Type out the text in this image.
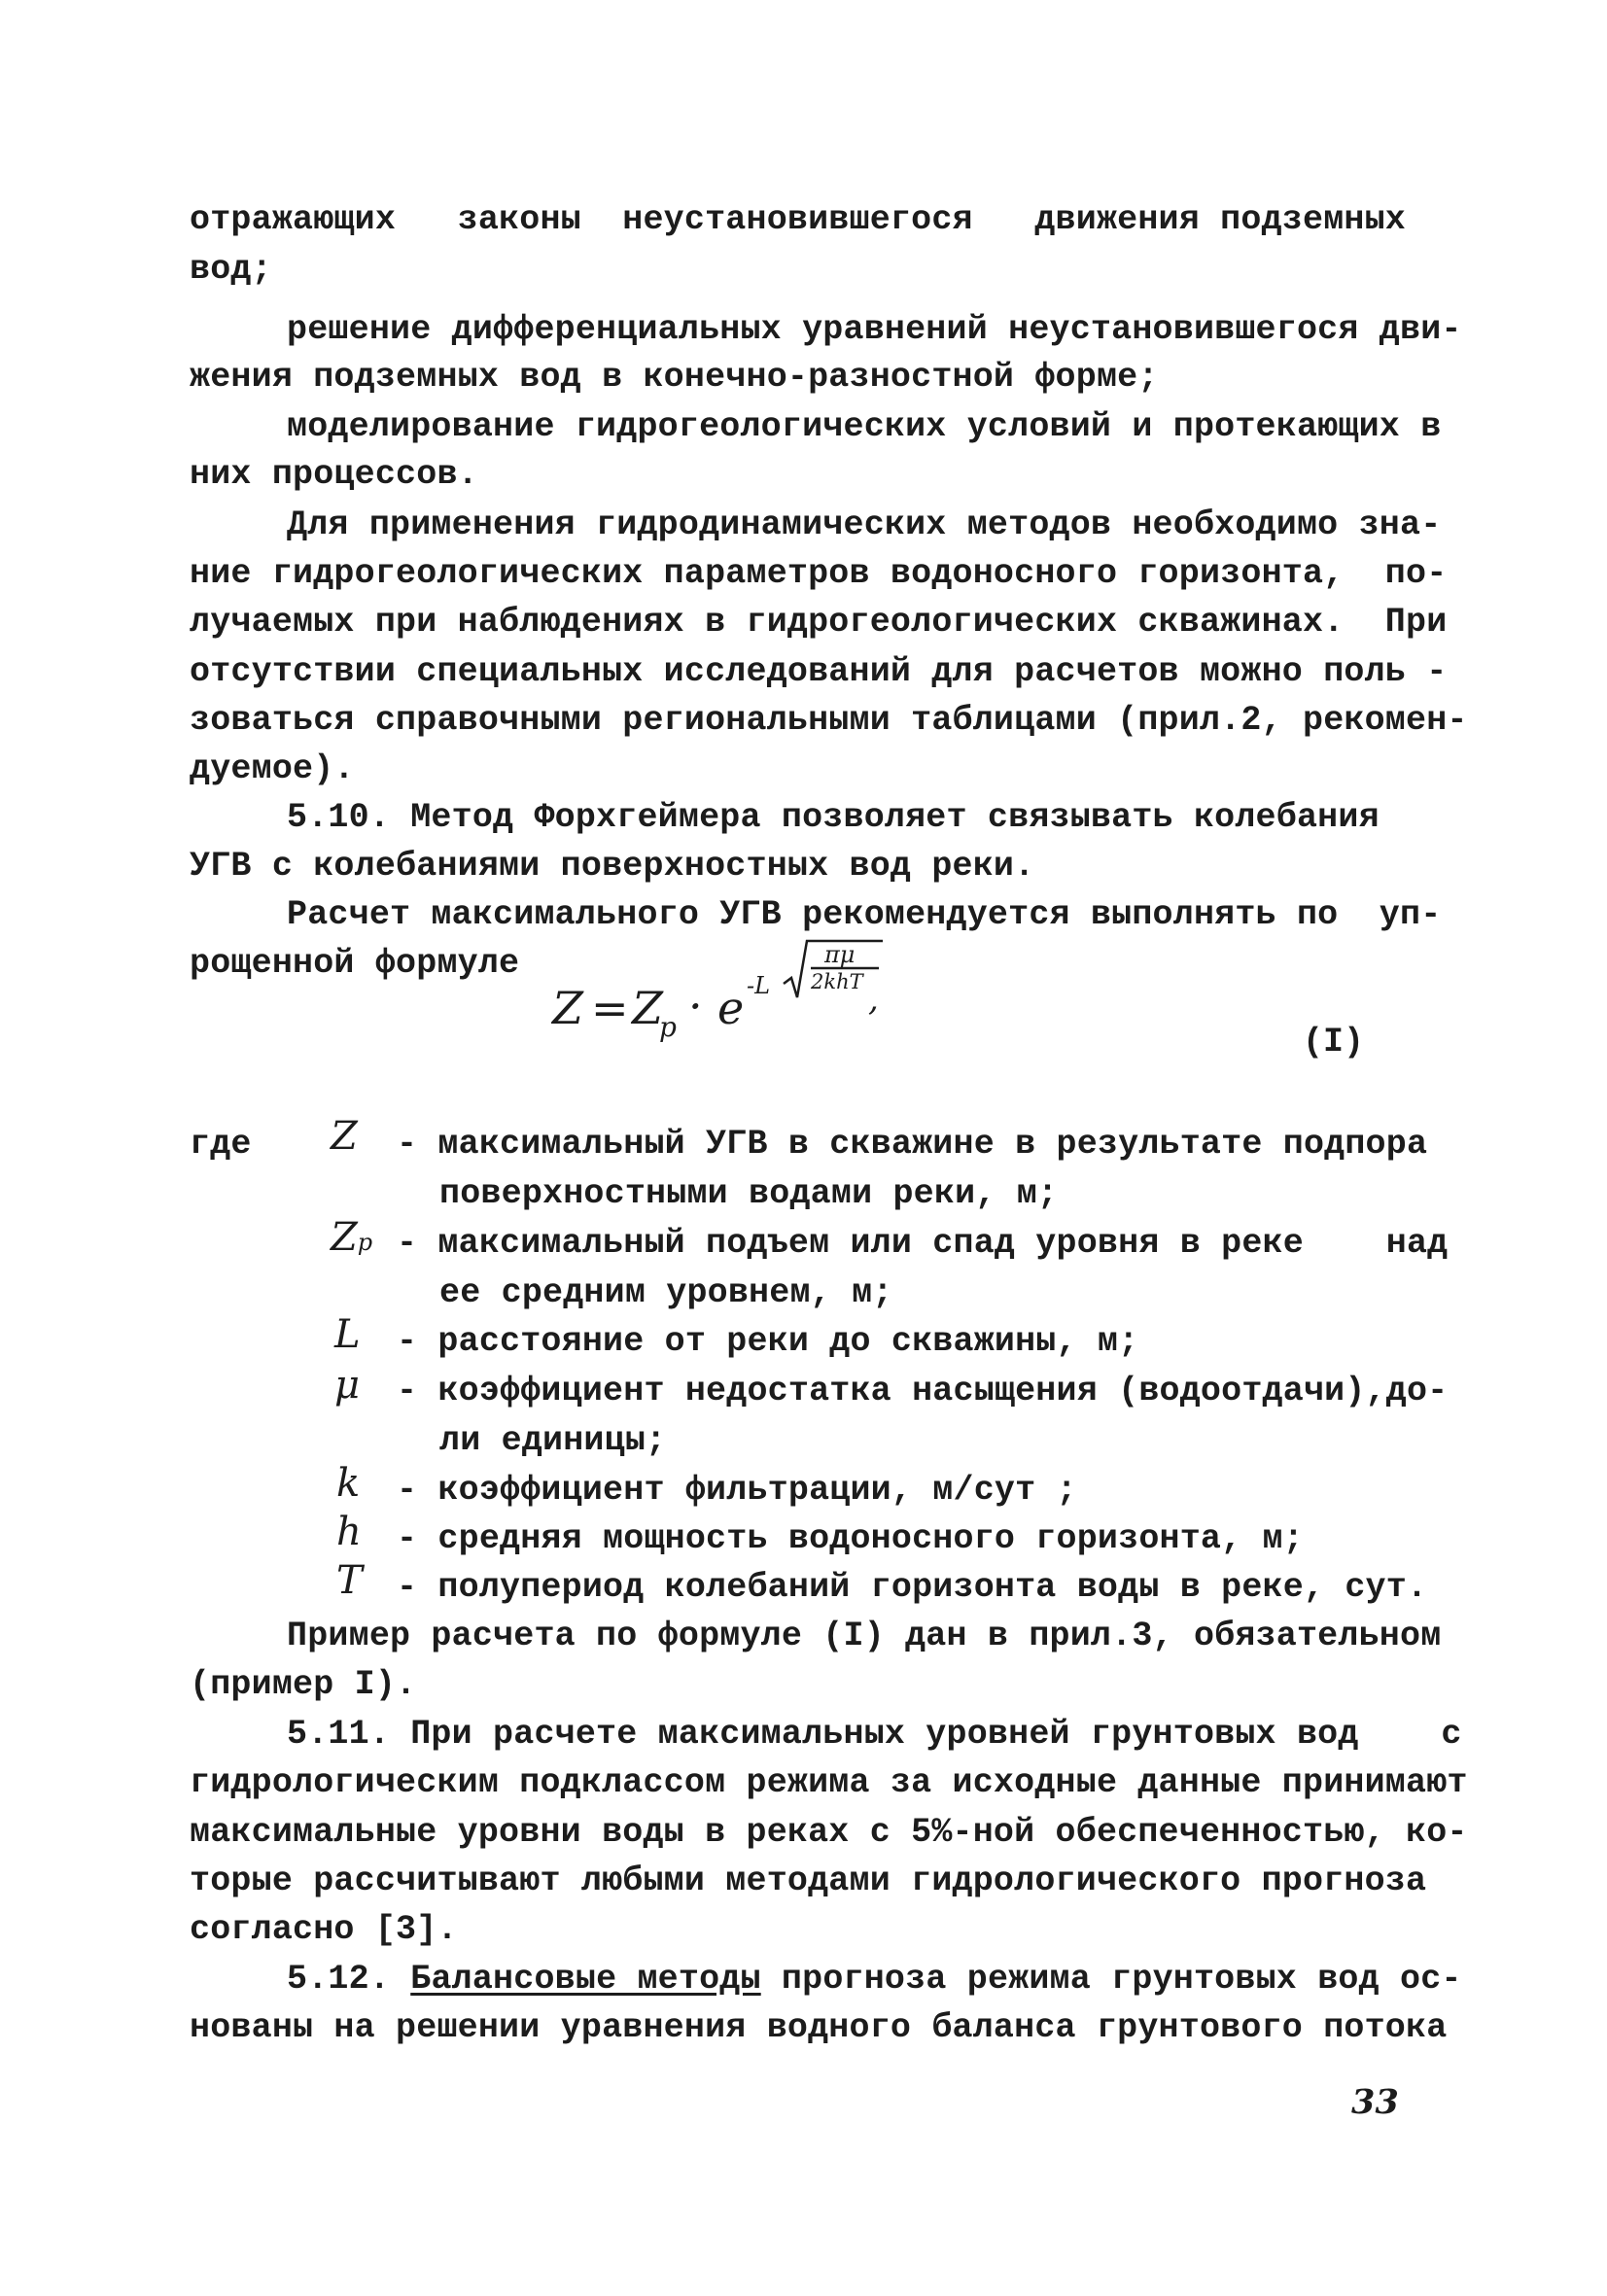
отражающих   законы  неустановившегося   движения подземных
вод;
решение дифференциальных уравнений неустановившегося дви-
жения подземных вод в конечно-разностной форме;
моделирование гидрогеологических условий и протекающих в
них процессов.
Для применения гидродинамических методов необходимо зна-
ние гидрогеологических параметров водоносного горизонта,  по-
лучаемых при наблюдениях в гидрогеологических скважинах.  При
отсутствии специальных исследований для расчетов можно поль -
зоваться справочными региональными таблицами (прил.2, рекомен-
дуемое).
5.10. Метод Форхгеймера позволяет связывать колебания
УГВ с колебаниями поверхностных вод реки.
Расчет максимального УГВ рекомендуется выполнять по  уп-
рощенной формуле
Z = Z
p · e -L
πμ
2khT ,
(I)
где Z - максимальный УГВ в скважине в результате подпора
поверхностными водами реки, м;
Zp - максимальный подъем или спад уровня в реке    над
ее средним уровнем, м;
L - расстояние от реки до скважины, м;
μ - коэффициент недостатка насыщения (водоотдачи),до-
ли единицы;
k - коэффициент фильтрации, м/сут ;
h - средняя мощность водоносного горизонта, м;
T - полупериод колебаний горизонта воды в реке, сут.
Пример расчета по формуле (I) дан в прил.3, обязательном
(пример I).
5.11. При расчете максимальных уровней грунтовых вод    с
гидрологическим подклассом режима за исходные данные принимают
максимальные уровни воды в реках с 5%-ной обеспеченностью, ко-
торые рассчитывают любыми методами гидрологического прогноза
согласно [3].
5.12. Балансовые методы прогноза режима грунтовых вод ос-
нованы на решении уравнения водного баланса грунтового потока
33
